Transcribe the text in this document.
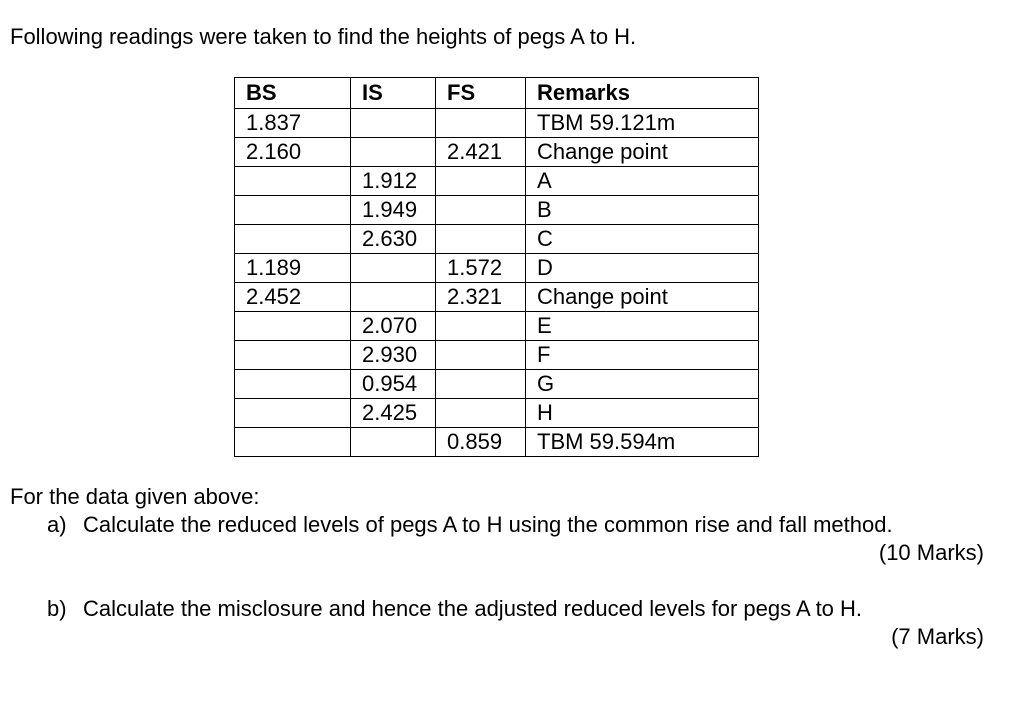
Following readings were taken to find the heights of pegs A to H.

BS	IS	FS	Remarks
1.837			TBM 59.121m
2.160		2.421	Change point
	1.912		A
	1.949		B
	2.630		C
1.189		1.572	D
2.452		2.321	Change point
	2.070		E
	2.930		F
	0.954		G
	2.425		H
		0.859	TBM 59.594m

For the data given above:

a) Calculate the reduced levels of pegs A to H using the common rise and fall method.

(10 Marks)

b) Calculate the misclosure and hence the adjusted reduced levels for pegs A to H.

(7 Marks)
